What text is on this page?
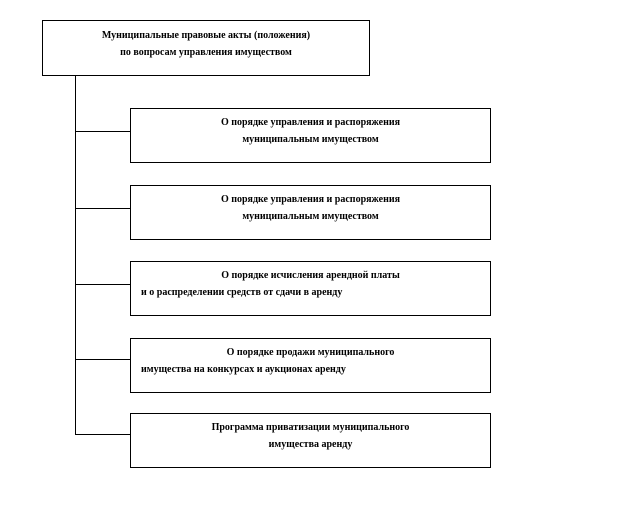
Муниципальные правовые акты (положения)
по вопросам управления имуществом
О порядке управления и распоряжения
муниципальным имуществом
О порядке управления и распоряжения
муниципальным имуществом
О порядке исчисления арендной платы
и о распределении средств от сдачи в аренду
О порядке продажи муниципального
имущества на конкурсах и аукционах аренду
Программа приватизации муниципального
имущества аренду
